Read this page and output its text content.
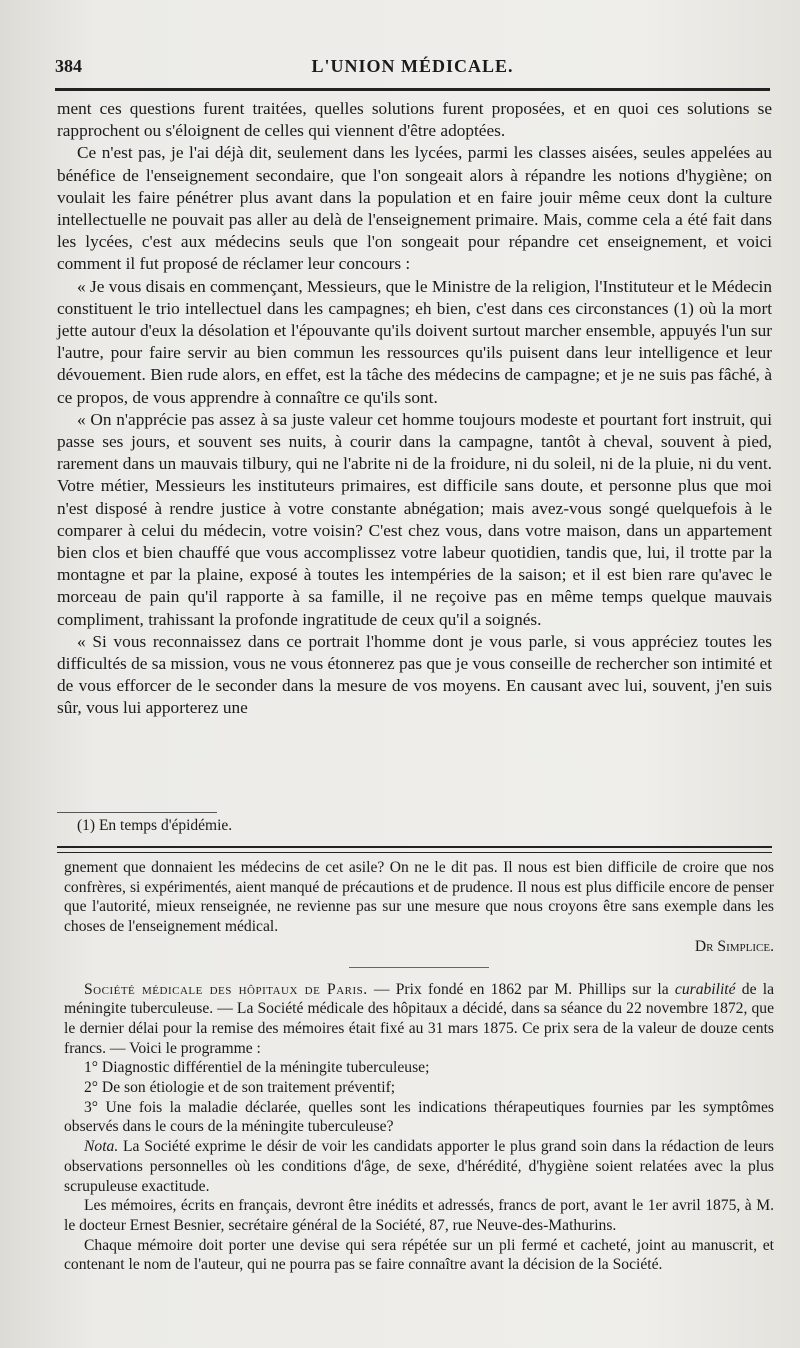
384	L'UNION MÉDICALE.

ment ces questions furent traitées, quelles solutions furent proposées, et en quoi ces solutions se rapprochent ou s'éloignent de celles qui viennent d'être adoptées.

Ce n'est pas, je l'ai déjà dit, seulement dans les lycées, parmi les classes aisées, seules appelées au bénéfice de l'enseignement secondaire, que l'on songeait alors à répandre les notions d'hygiène; on voulait les faire pénétrer plus avant dans la population et en faire jouir même ceux dont la culture intellectuelle ne pouvait pas aller au delà de l'enseignement primaire. Mais, comme cela a été fait dans les lycées, c'est aux médecins seuls que l'on songeait pour répandre cet enseignement, et voici comment il fut proposé de réclamer leur concours :

« Je vous disais en commençant, Messieurs, que le Ministre de la religion, l'Instituteur et le Médecin constituent le trio intellectuel dans les campagnes; eh bien, c'est dans ces circonstances (1) où la mort jette autour d'eux la désolation et l'épouvante qu'ils doivent surtout marcher ensemble, appuyés l'un sur l'autre, pour faire servir au bien commun les ressources qu'ils puisent dans leur intelligence et leur dévouement. Bien rude alors, en effet, est la tâche des médecins de campagne; et je ne suis pas fâché, à ce propos, de vous apprendre à connaître ce qu'ils sont.

« On n'apprécie pas assez à sa juste valeur cet homme toujours modeste et pourtant fort instruit, qui passe ses jours, et souvent ses nuits, à courir dans la campagne, tantôt à cheval, souvent à pied, rarement dans un mauvais tilbury, qui ne l'abrite ni de la froidure, ni du soleil, ni de la pluie, ni du vent. Votre métier, Messieurs les instituteurs primaires, est difficile sans doute, et personne plus que moi n'est disposé à rendre justice à votre constante abnégation; mais avez-vous songé quelquefois à le comparer à celui du médecin, votre voisin? C'est chez vous, dans votre maison, dans un appartement bien clos et bien chauffé que vous accomplissez votre labeur quotidien, tandis que, lui, il trotte par la montagne et par la plaine, exposé à toutes les intempéries de la saison; et il est bien rare qu'avec le morceau de pain qu'il rapporte à sa famille, il ne reçoive pas en même temps quelque mauvais compliment, trahissant la profonde ingratitude de ceux qu'il a soignés.

« Si vous reconnaissez dans ce portrait l'homme dont je vous parle, si vous appréciez toutes les difficultés de sa mission, vous ne vous étonnerez pas que je vous conseille de rechercher son intimité et de vous efforcer de le seconder dans la mesure de vos moyens. En causant avec lui, souvent, j'en suis sûr, vous lui apporterez une

(1) En temps d'épidémie.

gnement que donnaient les médecins de cet asile? On ne le dit pas. Il nous est bien difficile de croire que nos confrères, si expérimentés, aient manqué de précautions et de prudence. Il nous est plus difficile encore de penser que l'autorité, mieux renseignée, ne revienne pas sur une mesure que nous croyons être sans exemple dans les choses de l'enseignement médical.

Dr Simplice.

Société médicale des hôpitaux de Paris. — Prix fondé en 1862 par M. Phillips sur la curabilité de la méningite tuberculeuse. — La Société médicale des hôpitaux a décidé, dans sa séance du 22 novembre 1872, que le dernier délai pour la remise des mémoires était fixé au 31 mars 1875. Ce prix sera de la valeur de douze cents francs. — Voici le programme :

1° Diagnostic différentiel de la méningite tuberculeuse;

2° De son étiologie et de son traitement préventif;

3° Une fois la maladie déclarée, quelles sont les indications thérapeutiques fournies par les symptômes observés dans le cours de la méningite tuberculeuse?

Nota. La Société exprime le désir de voir les candidats apporter le plus grand soin dans la rédaction de leurs observations personnelles où les conditions d'âge, de sexe, d'hérédité, d'hygiène soient relatées avec la plus scrupuleuse exactitude.

Les mémoires, écrits en français, devront être inédits et adressés, francs de port, avant le 1er avril 1875, à M. le docteur Ernest Besnier, secrétaire général de la Société, 87, rue Neuve-des-Mathurins.

Chaque mémoire doit porter une devise qui sera répétée sur un pli fermé et cacheté, joint au manuscrit, et contenant le nom de l'auteur, qui ne pourra pas se faire connaître avant la décision de la Société.
